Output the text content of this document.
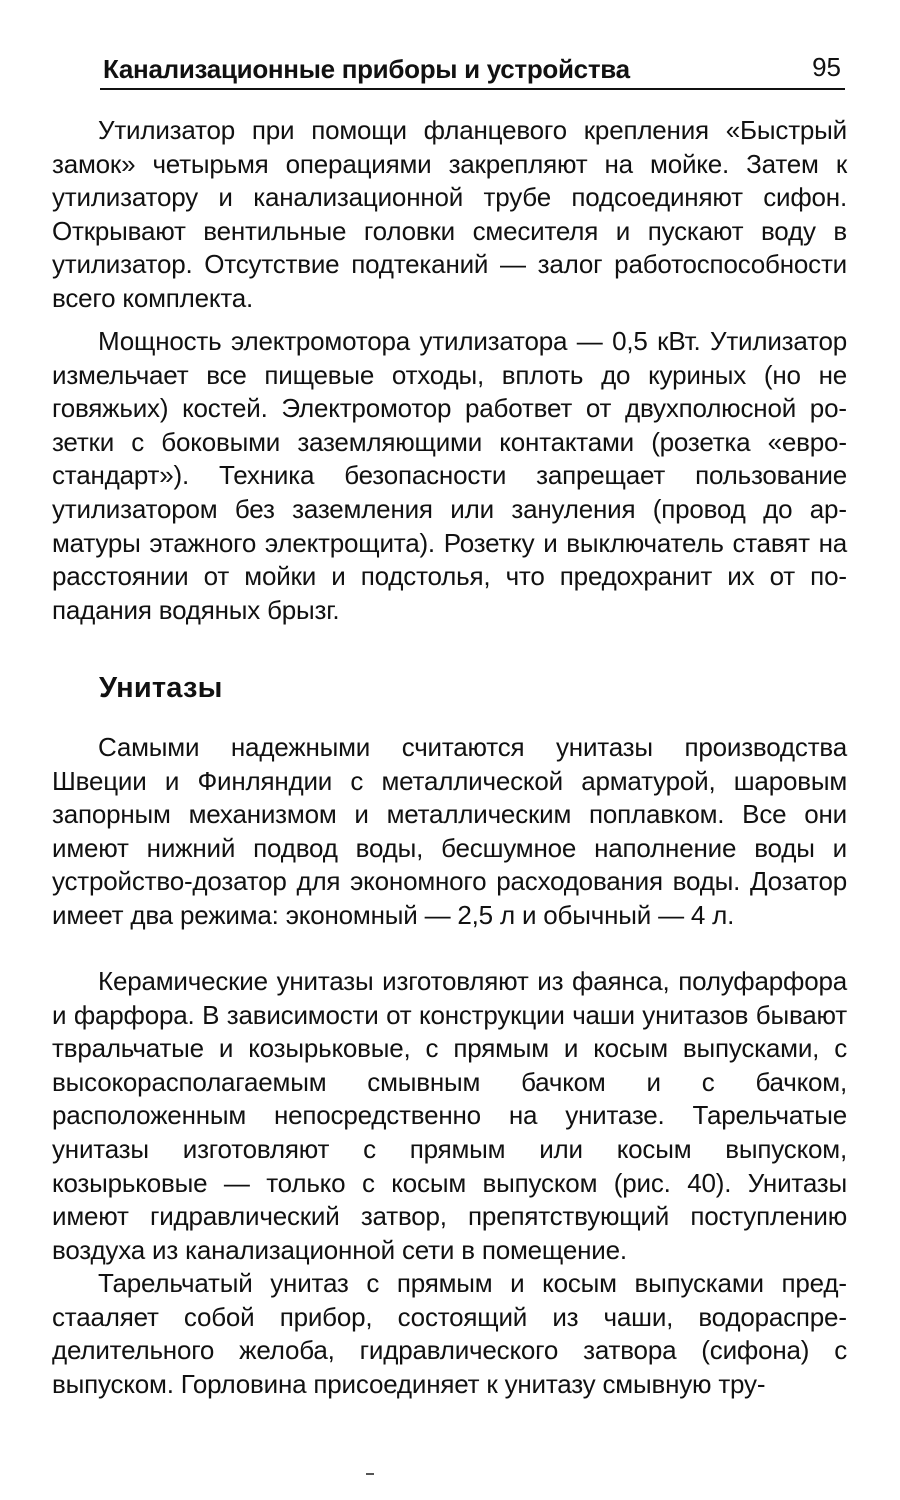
Канализационные приборы и устройства	95

Утилизатор при помощи фланцевого крепления «Быстрый замок» четырьмя операциями закрепляют на мойке. Затем к утилизатору и канализационной трубе подсоединяют сифон. Открывают вентильные головки смесителя и пускают воду в утилизатор. Отсутствие подтеканий — залог работоспособности всего комплекта.

Мощность электромотора утилизатора — 0,5 кВт. Утилизатор измельчает все пищевые отходы, вплоть до куриных (но не говяжьих) костей. Электромотор работвет от двухполюсной розетки с боковыми заземляющими контактами (розетка «евростандарт»). Техника безопасности запрещает пользование утилизатором без заземления или зануления (провод до арматуры этажного электрощита). Розетку и выключатель ставят на расстоянии от мойки и подстолья, что предохранит их от попадания водяных брызг.

Унитазы

Самыми надежными считаются унитазы производства Швеции и Финляндии с металлической арматурой, шаровым запорным механизмом и металлическим поплавком. Все они имеют нижний подвод воды, бесшумное наполнение воды и устройство-дозатор для экономного расходования воды. Дозатор имеет два режима: экономный — 2,5 л и обычный — 4 л.

Керамические унитазы изготовляют из фаянса, полуфарфора и фарфора. В зависимости от конструкции чаши унитазов бывают твральчатые и козырьковые, с прямым и косым выпусками, с высокорасполагаемым смывным бачком и с бачком, расположенным непосредственно на унитазе. Тарельчатые унитазы изготовляют с прямым или косым выпуском, козырьковые — только с косым выпуском (рис. 40). Унитазы имеют гидравлический затвор, препятствующий поступлению воздуха из канализационной сети в помещение.

Тарельчатый унитаз с прямым и косым выпусками предстааляет собой прибор, состоящий из чаши, водораспределительного желоба, гидравлического затвора (сифона) с выпуском. Горловина присоединяет к унитазу смывную тру-
